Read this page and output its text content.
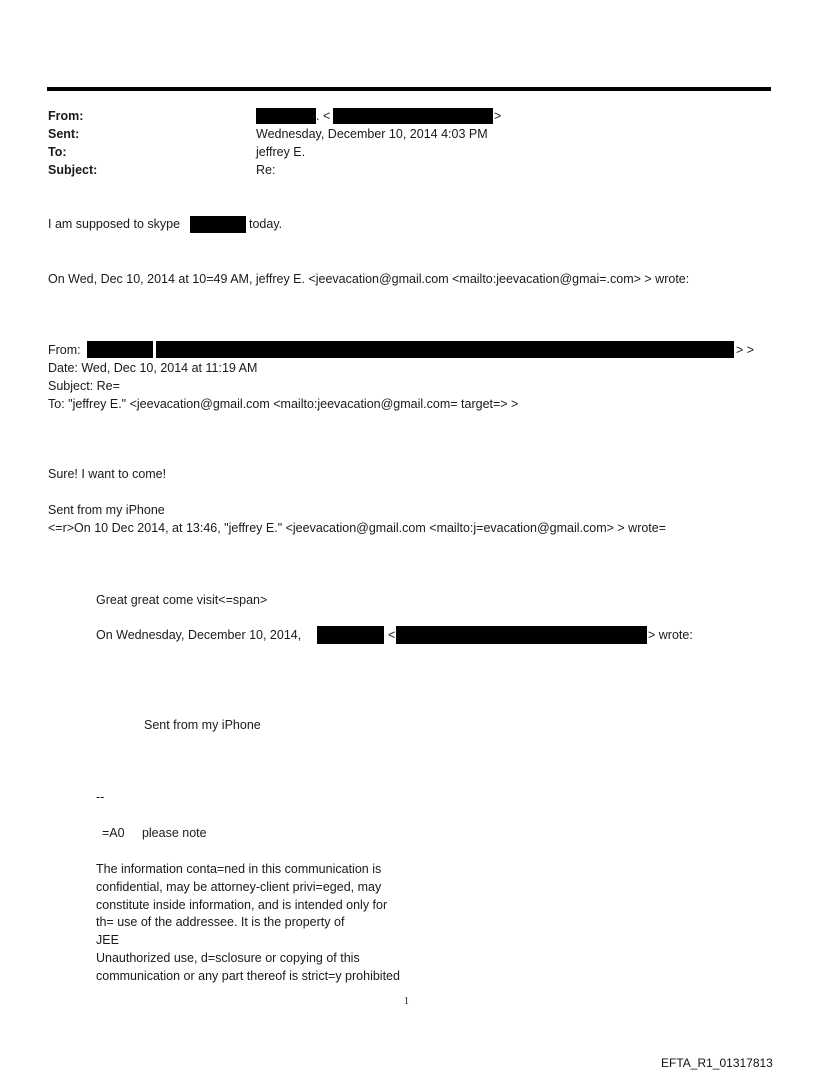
From:	. <	>
Sent:	Wednesday, December 10, 2014 4:03 PM
To:	jeffrey E.
Subject:	Re:
I am supposed to skype	today.
On Wed, Dec 10, 2014 at 10=49 AM, jeffrey E. <jeevacation@gmail.com <mailto:jeevacation@gmai=.com> > wrote:
From:	> >
Date: Wed, Dec 10, 2014 at 11:19 AM
Subject: Re=
To: "jeffrey E." <jeevacation@gmail.com <mailto:jeevacation@gmail.com= target=> >
Sure! I want to come!
Sent from my iPhone
<=r>On 10 Dec 2014, at 13:46, "jeffrey E." <jeevacation@gmail.com <mailto:j=evacation@gmail.com> > wrote=
Great great come visit<=span>
On Wednesday, December 10, 2014,	<	> wrote:
Sent from my iPhone
--
=A0     please note
The information conta=ned in this communication is
confidential, may be attorney-client privi=eged, may
constitute inside information, and is intended only for
th= use of the addressee. It is the property of
JEE
Unauthorized use, d=sclosure or copying of this
communication or any part thereof is strict=y prohibited
1
EFTA_R1_01317813
